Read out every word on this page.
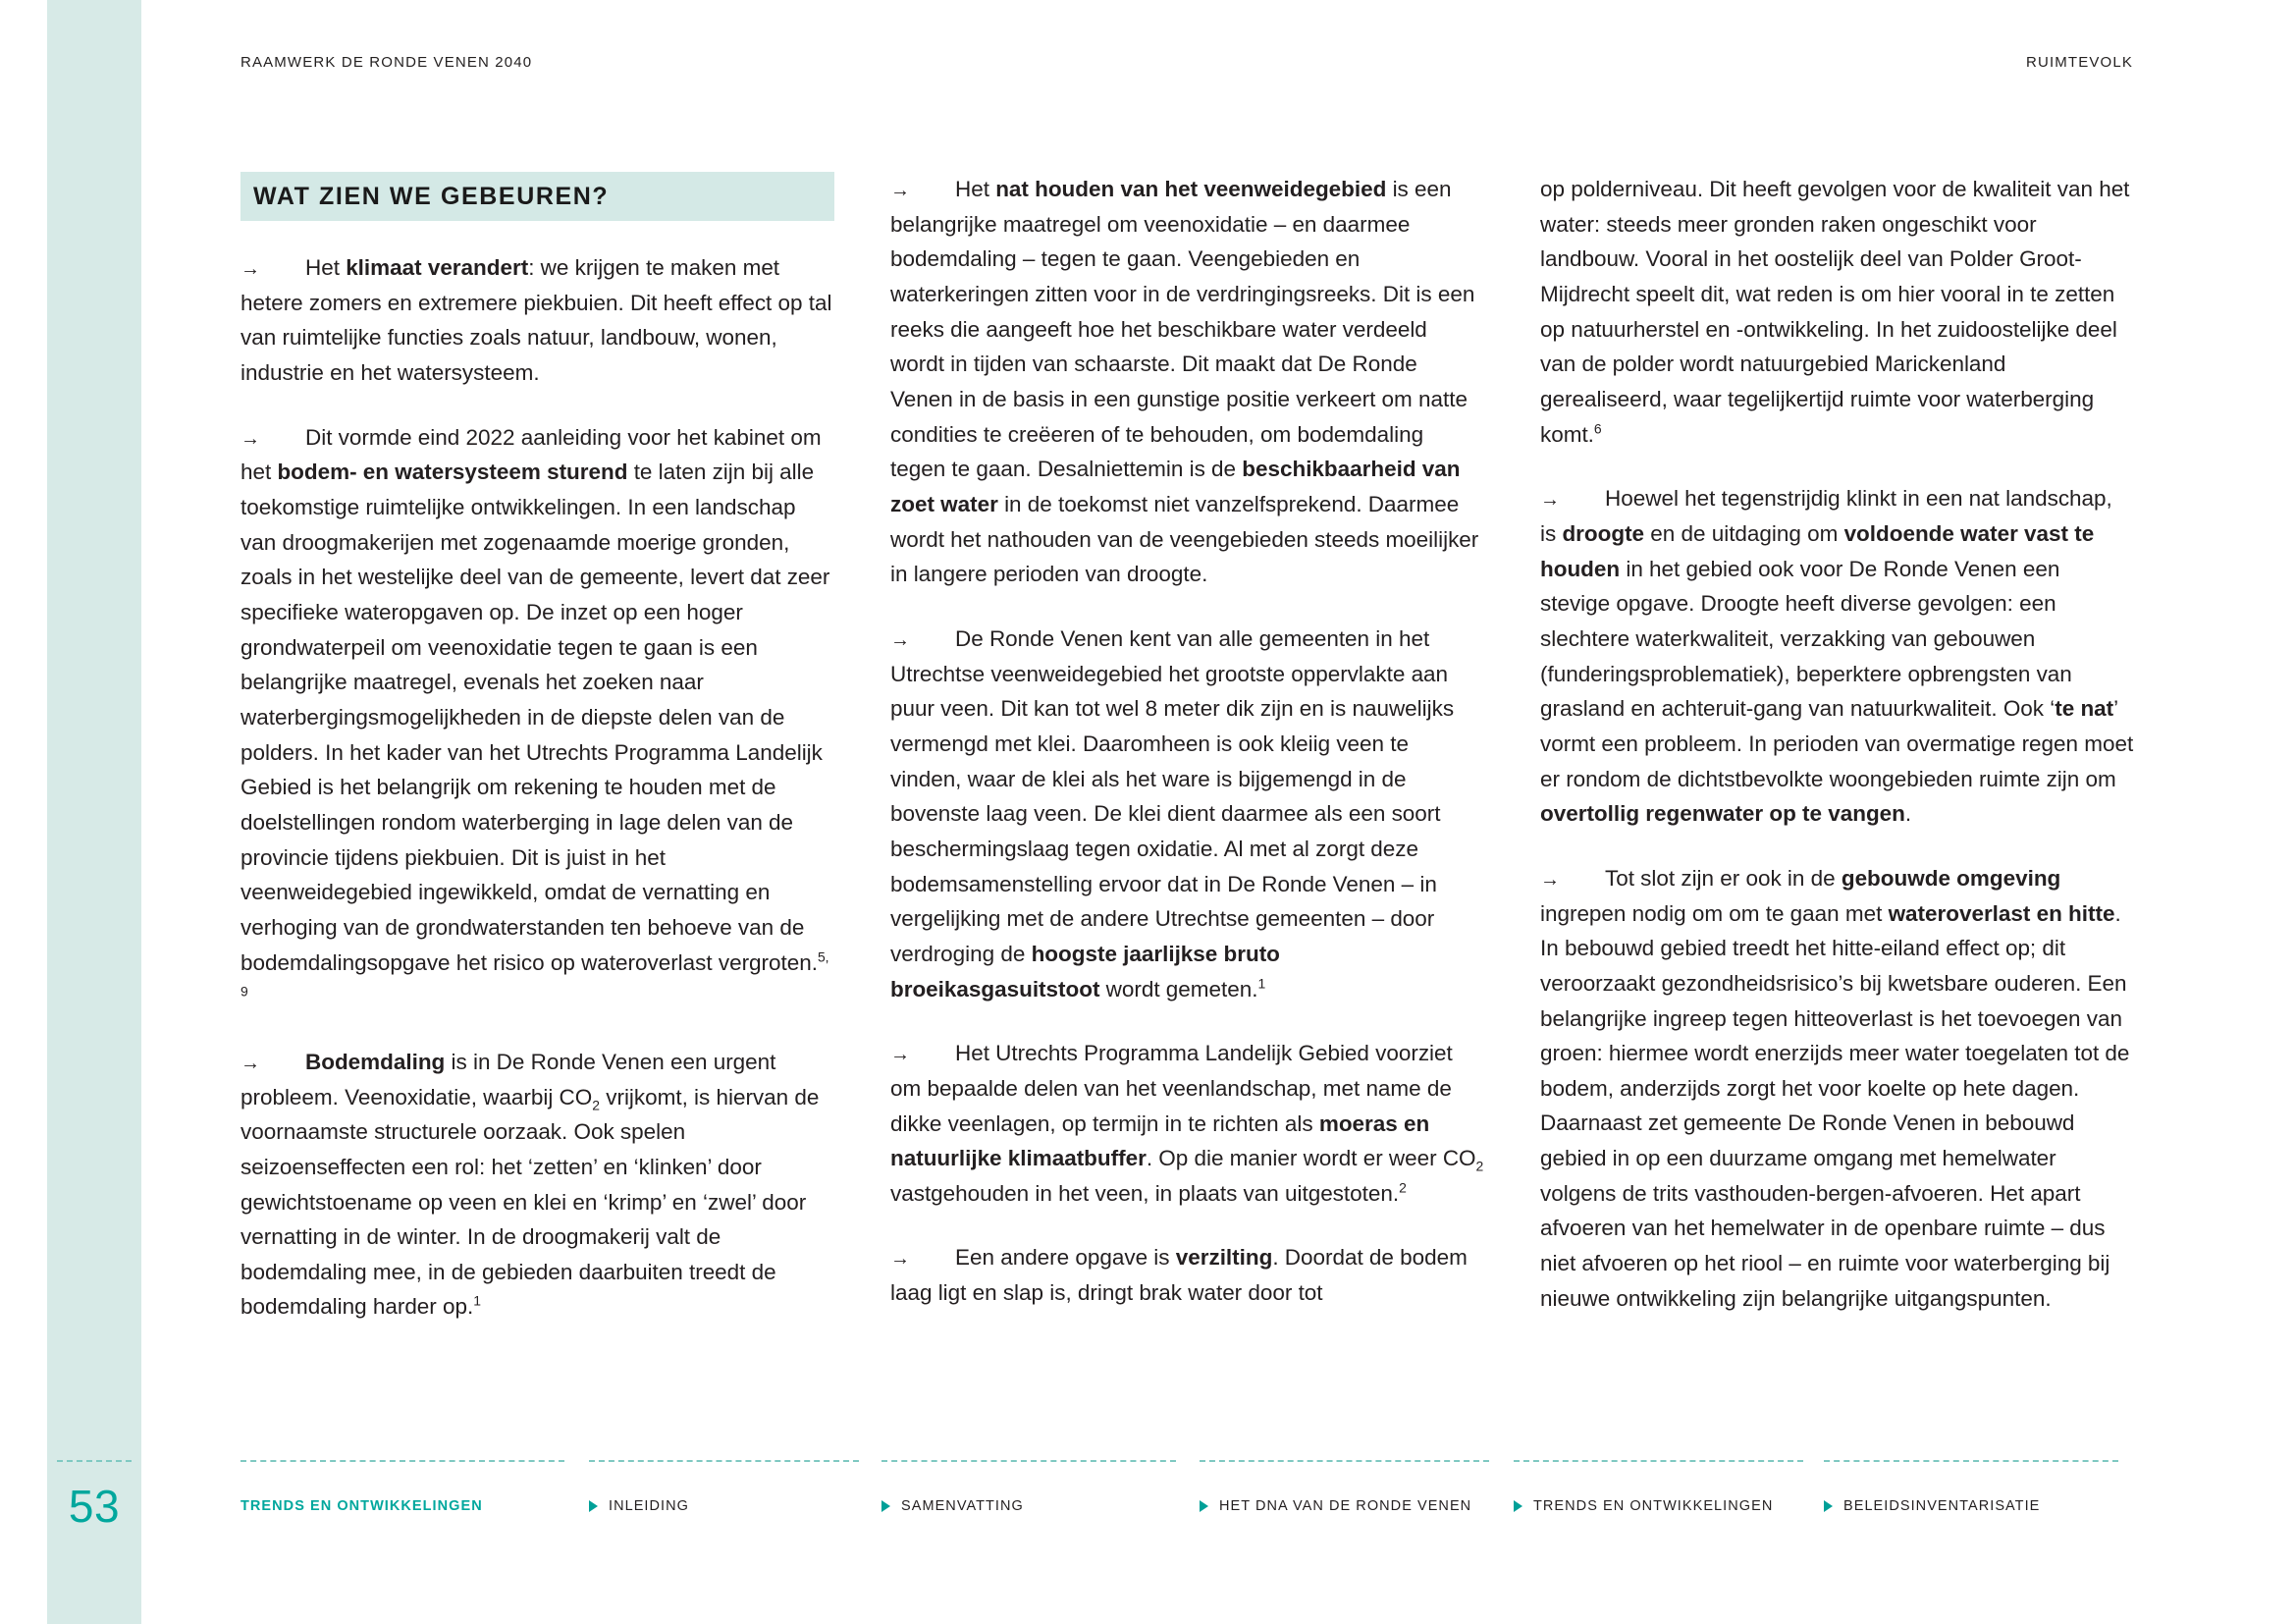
RAAMWERK DE RONDE VENEN 2040	RUIMTEVOLK
WAT ZIEN WE GEBEUREN?

→ Het klimaat verandert: we krijgen te maken met hetere zomers en extremere piekbuien. Dit heeft effect op tal van ruimtelijke functies zoals natuur, landbouw, wonen, industrie en het watersysteem.

→ Dit vormde eind 2022 aanleiding voor het kabinet om het bodem- en watersysteem sturend te laten zijn bij alle toekomstige ruimtelijke ontwikkelingen. In een landschap van droogmakerijen met zogenaamde moerige gronden, zoals in het westelijke deel van de gemeente, levert dat zeer specifieke wateropgaven op. De inzet op een hoger grondwaterpeil om veenoxidatie tegen te gaan is een belangrijke maatregel, evenals het zoeken naar waterbergingsmogelijkheden in de diepste delen van de polders. In het kader van het Utrechts Programma Landelijk Gebied is het belangrijk om rekening te houden met de doelstellingen rondom waterberging in lage delen van de provincie tijdens piekbuien. Dit is juist in het veenweidegebied ingewikkeld, omdat de vernatting en verhoging van de grondwaterstanden ten behoeve van de bodemdalingsopgave het risico op wateroverlast vergroten.$^{5, 9}$

→ Bodemdaling is in De Ronde Venen een urgent probleem. Veenoxidatie, waarbij $CO_2$ vrijkomt, is hiervan de voornaamste structurele oorzaak. Ook spelen seizoenseffecten een rol: het ‘zetten’ en ‘klinken’ door gewichtstoename op veen en klei en ‘krimp’ en ‘zwel’ door vernatting in de winter. In de droogmakerij valt de bodemdaling mee, in de gebieden daarbuiten treedt de bodemdaling harder op.$^1$

→ Het nat houden van het veenweidegebied is een belangrijke maatregel om veenoxidatie – en daarmee bodemdaling – tegen te gaan. Veengebieden en waterkeringen zitten voor in de verdringingsreeks. Dit is een reeks die aangeeft hoe het beschikbare water verdeeld wordt in tijden van schaarste. Dit maakt dat De Ronde Venen in de basis in een gunstige positie verkeert om natte condities te creëeren of te behouden, om bodemdaling tegen te gaan. Desalniettemin is de beschikbaarheid van zoet water in de toekomst niet vanzelfsprekend. Daarmee wordt het nathouden van de veengebieden steeds moeilijker in langere perioden van droogte.

→ De Ronde Venen kent van alle gemeenten in het Utrechtse veenweidegebied het grootste oppervlakte aan puur veen. Dit kan tot wel 8 meter dik zijn en is nauwelijks vermengd met klei. Daaromheen is ook kleiig veen te vinden, waar de klei als het ware is bijgemengd in de bovenste laag veen. De klei dient daarmee als een soort beschermingslaag tegen oxidatie. Al met al zorgt deze bodemsamenstelling ervoor dat in De Ronde Venen – in vergelijking met de andere Utrechtse gemeenten – door verdroging de hoogste jaarlijkse bruto broeikasgasuitstoot wordt gemeten.$^1$

→ Het Utrechts Programma Landelijk Gebied voorziet om bepaalde delen van het veenlandschap, met name de dikke veenlagen, op termijn in te richten als moeras en natuurlijke klimaatbuffer. Op die manier wordt er weer $CO_2$ vastgehouden in het veen, in plaats van uitgestoten.$^2$

→ Een andere opgave is verzilting. Doordat de bodem laag ligt en slap is, dringt brak water door tot

op polderniveau. Dit heeft gevolgen voor de kwaliteit van het water: steeds meer gronden raken ongeschikt voor landbouw. Vooral in het oostelijk deel van Polder Groot-Mijdrecht speelt dit, wat reden is om hier vooral in te zetten op natuurherstel en -ontwikkeling. In het zuidoostelijke deel van de polder wordt natuurgebied Marickenland gerealiseerd, waar tegelijkertijd ruimte voor waterberging komt.$^6$

→ Hoewel het tegenstrijdig klinkt in een nat landschap, is droogte en de uitdaging om voldoende water vast te houden in het gebied ook voor De Ronde Venen een stevige opgave. Droogte heeft diverse gevolgen: een slechtere waterkwaliteit, verzakking van gebouwen (funderingsproblematiek), beperktere opbrengsten van grasland en achteruit-gang van natuurkwaliteit. Ook ‘te nat’ vormt een probleem. In perioden van overmatige regen moet er rondom de dichtstbevolkte woongebieden ruimte zijn om overtollig regenwater op te vangen.

→ Tot slot zijn er ook in de gebouwde omgeving ingrepen nodig om om te gaan met wateroverlast en hitte. In bebouwd gebied treedt het hitte-eiland effect op; dit veroorzaakt gezondheidsrisico’s bij kwetsbare ouderen. Een belangrijke ingreep tegen hitteoverlast is het toevoegen van groen: hiermee wordt enerzijds meer water toegelaten tot de bodem, anderzijds zorgt het voor koelte op hete dagen. Daarnaast zet gemeente De Ronde Venen in bebouwd gebied in op een duurzame omgang met hemelwater volgens de trits vasthouden-bergen-afvoeren. Het apart afvoeren van het hemelwater in de openbare ruimte – dus niet afvoeren op het riool – en ruimte voor waterberging bij nieuwe ontwikkeling zijn belangrijke uitgangspunten.

53	TRENDS EN ONTWIKKELINGEN	INLEIDING	SAMENVATTING	HET DNA VAN DE RONDE VENEN	TRENDS EN ONTWIKKELINGEN	BELEIDSINVENTARISATIE
